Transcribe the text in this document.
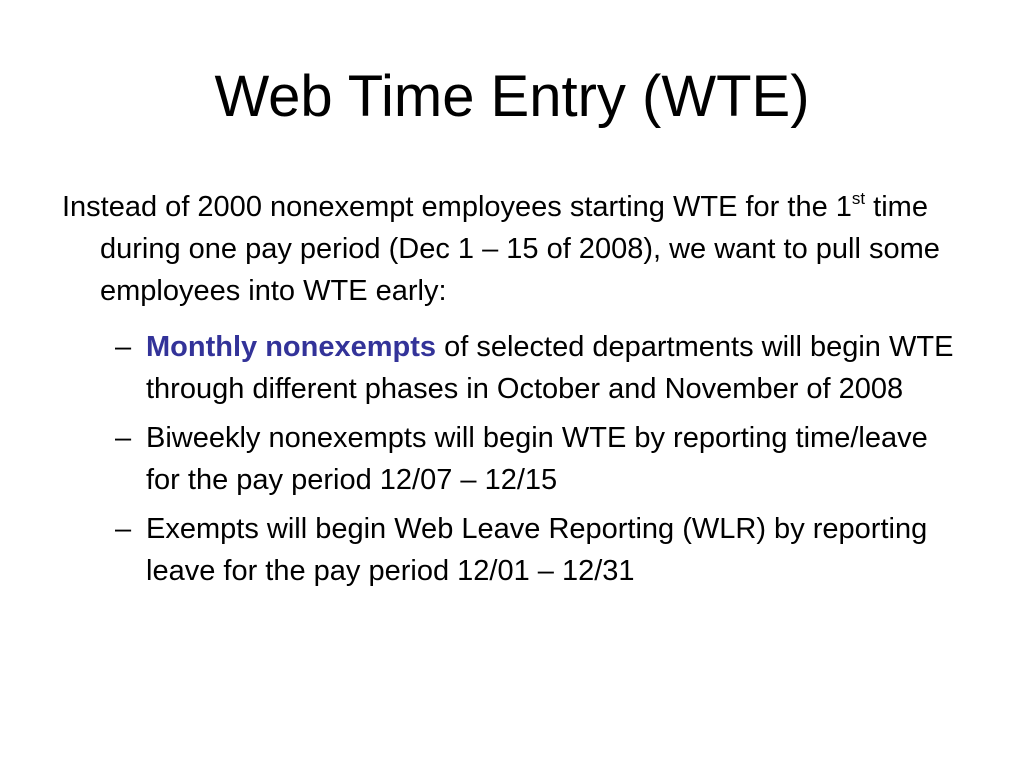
Web Time Entry (WTE)

Instead of 2000 nonexempt employees starting WTE for the 1st time during one pay period (Dec 1 – 15 of 2008), we want to pull some employees into WTE early:

– Monthly nonexempts of selected departments will begin WTE through different phases in October and November of 2008
– Biweekly nonexempts will begin WTE by reporting time/leave for the pay period 12/07 – 12/15
– Exempts will begin Web Leave Reporting (WLR) by reporting leave for the pay period 12/01 – 12/31
